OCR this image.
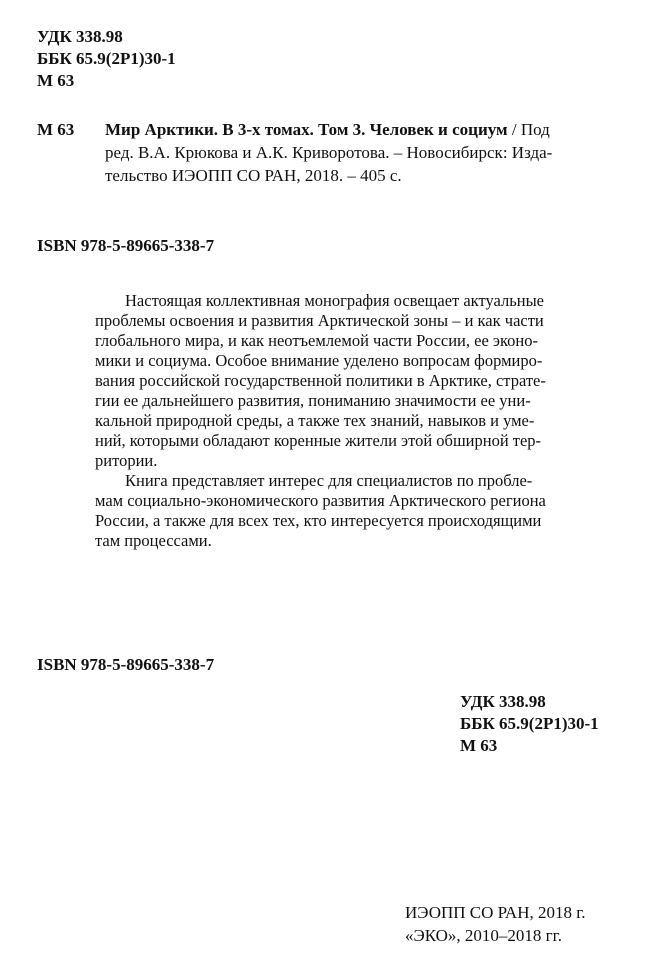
УДК 338.98
ББК 65.9(2Р1)30-1
М 63
М 63	Мир Арктики. В 3-х томах. Том 3. Человек и социум / Под
ред. В.А. Крюкова и А.К. Криворотова. – Новосибирск: Изда-
тельство ИЭОПП СО РАН, 2018. – 405 с.
ISBN 978-5-89665-338-7

Настоящая коллективная монография освещает актуальные
проблемы освоения и развития Арктической зоны – и как части
глобального мира, и как неотъемлемой части России, ее эконо-
мики и социума. Особое внимание уделено вопросам формиро-
вания российской государственной политики в Арктике, страте-
гии ее дальнейшего развития, пониманию значимости ее уни-
кальной природной среды, а также тех знаний, навыков и уме-
ний, которыми обладают коренные жители этой обширной тер-
ритории.

Книга представляет интерес для специалистов по пробле-
мам социально-экономического развития Арктического региона
России, а также для всех тех, кто интересуется происходящими
там процессами.

ISBN 978-5-89665-338-7
УДК 338.98
ББК 65.9(2Р1)30-1
М 63
ИЭОПП СО РАН, 2018 г.
«ЭКО», 2010–2018 гг.
